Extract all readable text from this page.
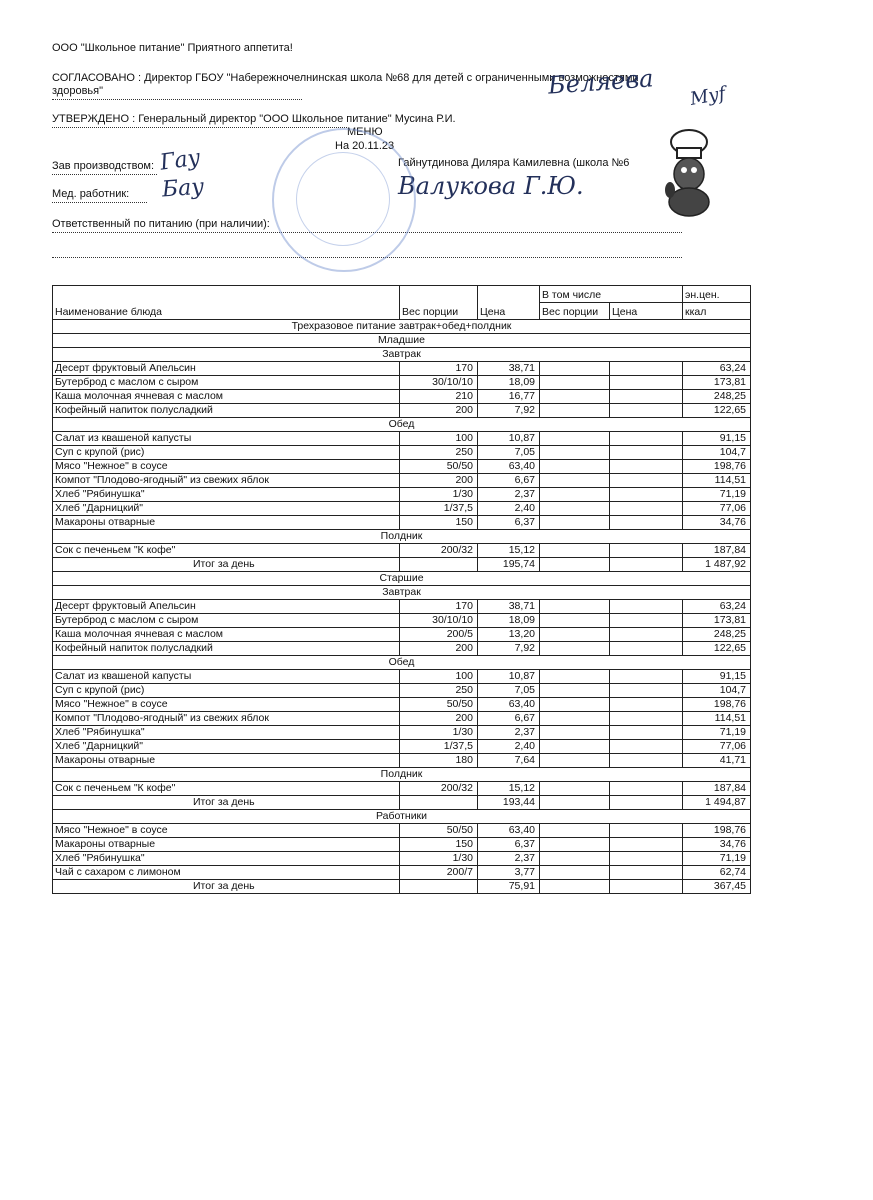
ООО "Школьное питание" Приятного аппетита!
СОГЛАСОВАНО : Директор ГБОУ "Набережночелнинская школа №68 для детей с ограниченными возможностями
здоровья"
УТВЕРЖДЕНО : Генеральный директор "ООО Школьное питание" Мусина Р.И.
МЕНЮ
На 20.11.23
Зав производством:	Гайнутдинова Диляра Камилевна (школа №6
Мед. работник:
Ответственный по питанию (при наличии):
Беляева
Гау
Бау	Валукова Г.Ю.
Муf
Наименование блюда	Вес порции	Цена	В том числе		эн.цен.
			Вес порции	Цена	ккал
Трехразовое питание завтрак+обед+полдник					
Младшие					
Завтрак					
Десерт фруктовый Апельсин	170	38,71			63,24
Бутерброд с маслом с сыром	30/10/10	18,09			173,81
Каша молочная ячневая с маслом	210	16,77			248,25
Кофейный напиток полусладкий	200	7,92			122,65
Обед					
Салат из квашеной капусты	100	10,87			91,15
Суп с крупой (рис)	250	7,05			104,7
Мясо "Нежное" в соусе	50/50	63,40			198,76
Компот "Плодово-ягодный" из свежих яблок	200	6,67			114,51
Хлеб "Рябинушка"	1/30	2,37			71,19
Хлеб "Дарницкий"	1/37,5	2,40			77,06
Макароны отварные	150	6,37			34,76
Полдник					
Сок с печеньем "К кофе"	200/32	15,12			187,84
Итог за день		195,74			1 487,92
Старшие					
Завтрак					
Десерт фруктовый Апельсин	170	38,71			63,24
Бутерброд с маслом с сыром	30/10/10	18,09			173,81
Каша молочная ячневая с маслом	200/5	13,20			248,25
Кофейный напиток полусладкий	200	7,92			122,65
Обед					
Салат из квашеной капусты	100	10,87			91,15
Суп с крупой (рис)	250	7,05			104,7
Мясо "Нежное" в соусе	50/50	63,40			198,76
Компот "Плодово-ягодный" из свежих яблок	200	6,67			114,51
Хлеб "Рябинушка"	1/30	2,37			71,19
Хлеб "Дарницкий"	1/37,5	2,40			77,06
Макароны отварные	180	7,64			41,71
Полдник					
Сок с печеньем "К кофе"	200/32	15,12			187,84
Итог за день		193,44			1 494,87
Работники					
Мясо "Нежное" в соусе	50/50	63,40			198,76
Макароны отварные	150	6,37			34,76
Хлеб "Рябинушка"	1/30	2,37			71,19
Чай с сахаром с лимоном	200/7	3,77			62,74
Итог за день		75,91			367,45
